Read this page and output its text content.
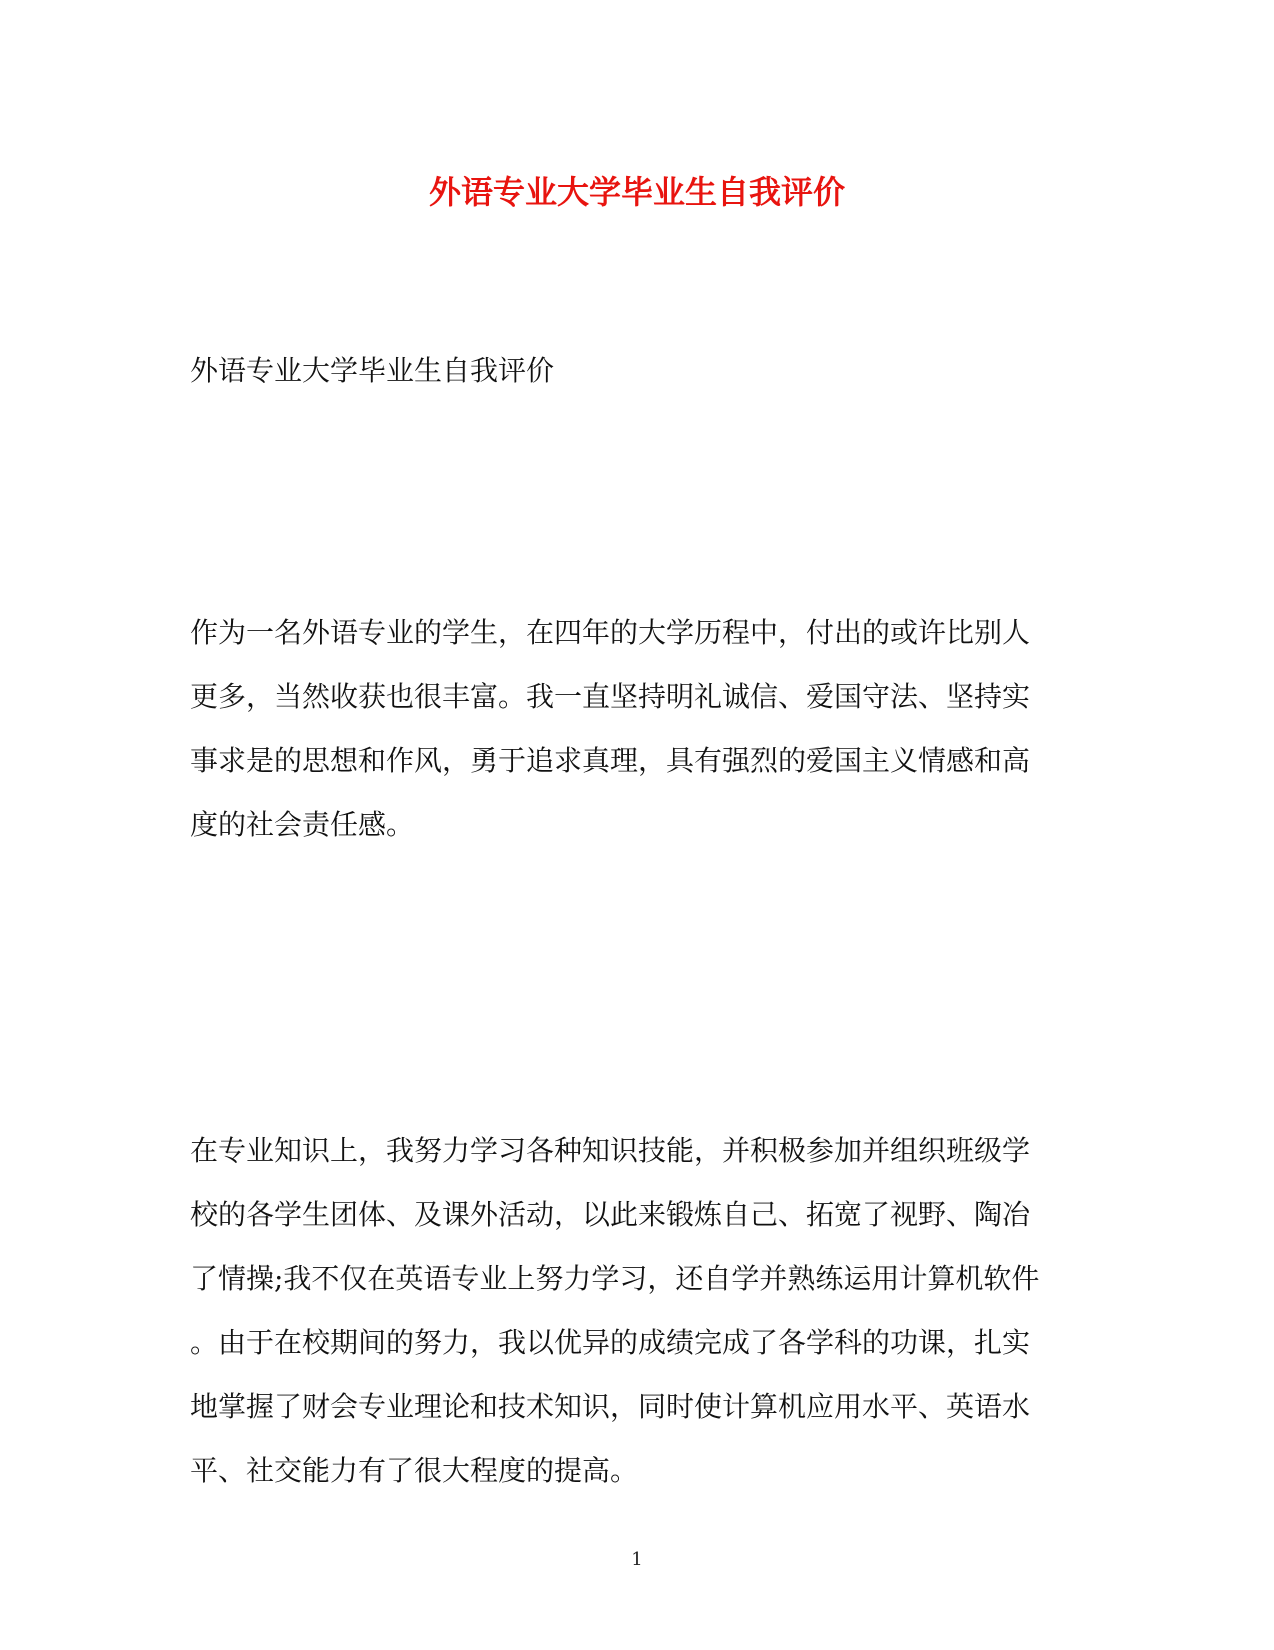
外语专业大学毕业生自我评价

外语专业大学毕业生自我评价

作为一名外语专业的学生，在四年的大学历程中，付出的或许比别人
更多，当然收获也很丰富。我一直坚持明礼诚信、爱国守法、坚持实
事求是的思想和作风，勇于追求真理，具有强烈的爱国主义情感和高
度的社会责任感。
在专业知识上，我努力学习各种知识技能，并积极参加并组织班级学
校的各学生团体、及课外活动，以此来锻炼自己、拓宽了视野、陶冶
了情操;我不仅在英语专业上努力学习，还自学并熟练运用计算机软件
。由于在校期间的努力，我以优异的成绩完成了各学科的功课，扎实
地掌握了财会专业理论和技术知识，同时使计算机应用水平、英语水
平、社交能力有了很大程度的提高。

1
